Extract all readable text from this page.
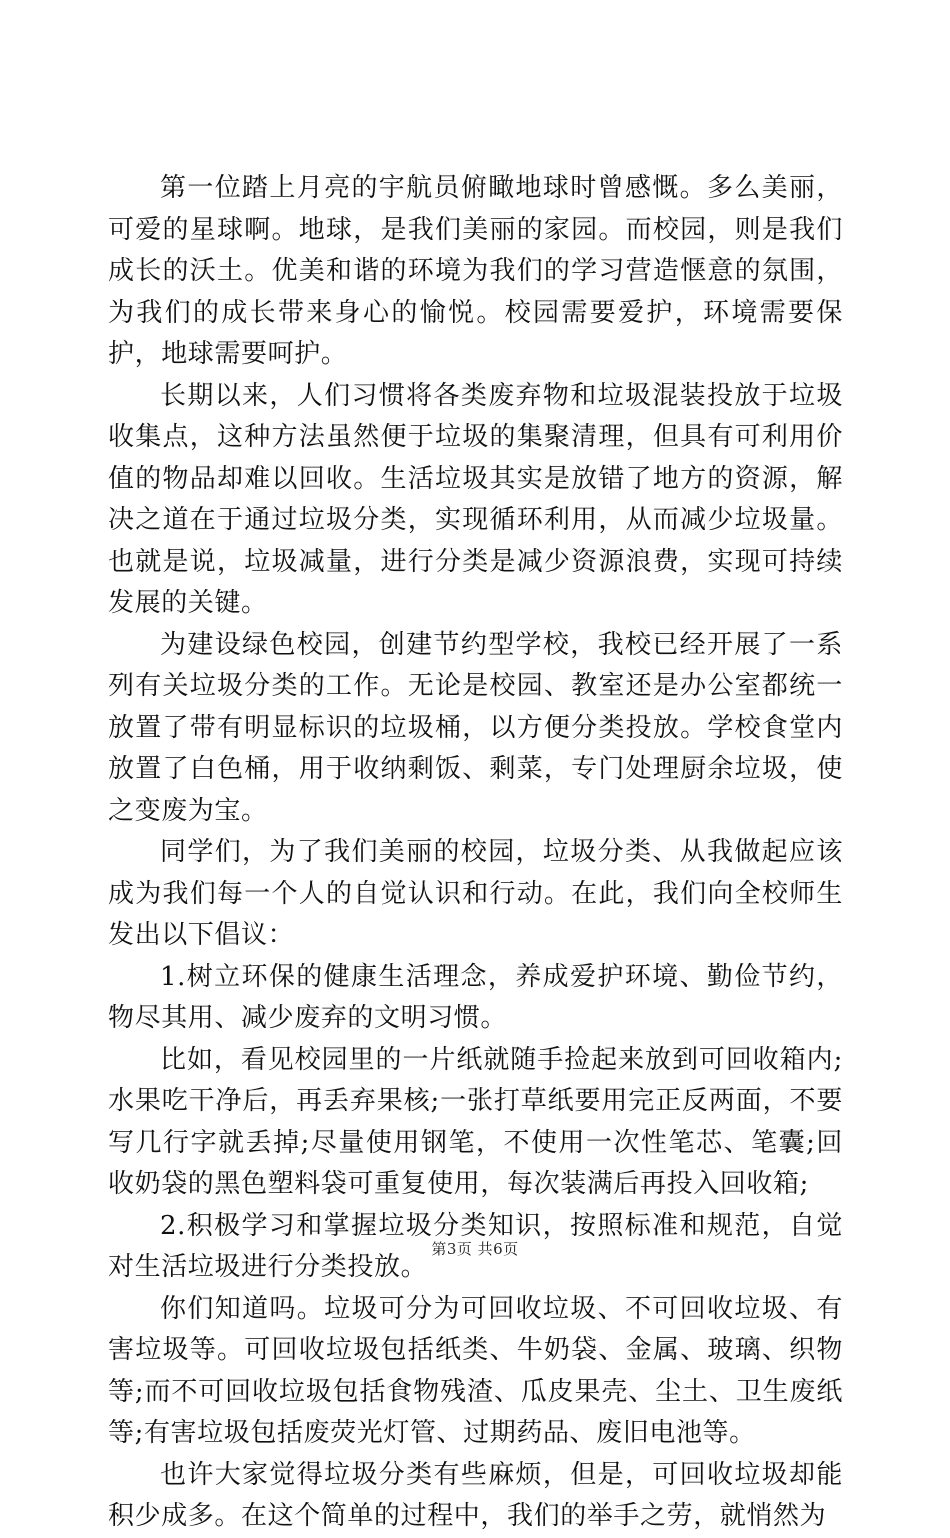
第一位踏上月亮的宇航员俯瞰地球时曾感慨。多么美丽，可爱的星球啊。地球，是我们美丽的家园。而校园，则是我们成长的沃土。优美和谐的环境为我们的学习营造惬意的氛围，为我们的成长带来身心的愉悦。校园需要爱护，环境需要保护，地球需要呵护。

长期以来，人们习惯将各类废弃物和垃圾混装投放于垃圾收集点，这种方法虽然便于垃圾的集聚清理，但具有可利用价值的物品却难以回收。生活垃圾其实是放错了地方的资源，解决之道在于通过垃圾分类，实现循环利用，从而减少垃圾量。也就是说，垃圾减量，进行分类是减少资源浪费，实现可持续发展的关键。

为建设绿色校园，创建节约型学校，我校已经开展了一系列有关垃圾分类的工作。无论是校园、教室还是办公室都统一放置了带有明显标识的垃圾桶，以方便分类投放。学校食堂内放置了白色桶，用于收纳剩饭、剩菜，专门处理厨余垃圾，使之变废为宝。

同学们，为了我们美丽的校园，垃圾分类、从我做起应该成为我们每一个人的自觉认识和行动。在此，我们向全校师生发出以下倡议：

1.树立环保的健康生活理念，养成爱护环境、勤俭节约，物尽其用、减少废弃的文明习惯。

比如，看见校园里的一片纸就随手捡起来放到可回收箱内;水果吃干净后，再丢弃果核;一张打草纸要用完正反两面，不要写几行字就丢掉;尽量使用钢笔，不使用一次性笔芯、笔囊;回收奶袋的黑色塑料袋可重复使用，每次装满后再投入回收箱;

2.积极学习和掌握垃圾分类知识，按照标准和规范，自觉对生活垃圾进行分类投放。

你们知道吗。垃圾可分为可回收垃圾、不可回收垃圾、有害垃圾等。可回收垃圾包括纸类、牛奶袋、金属、玻璃、织物等;而不可回收垃圾包括食物残渣、瓜皮果壳、尘土、卫生废纸等;有害垃圾包括废荧光灯管、过期药品、废旧电池等。

也许大家觉得垃圾分类有些麻烦，但是，可回收垃圾却能积少成多。在这个简单的过程中，我们的举手之劳，就悄然为

第3页 共6页
